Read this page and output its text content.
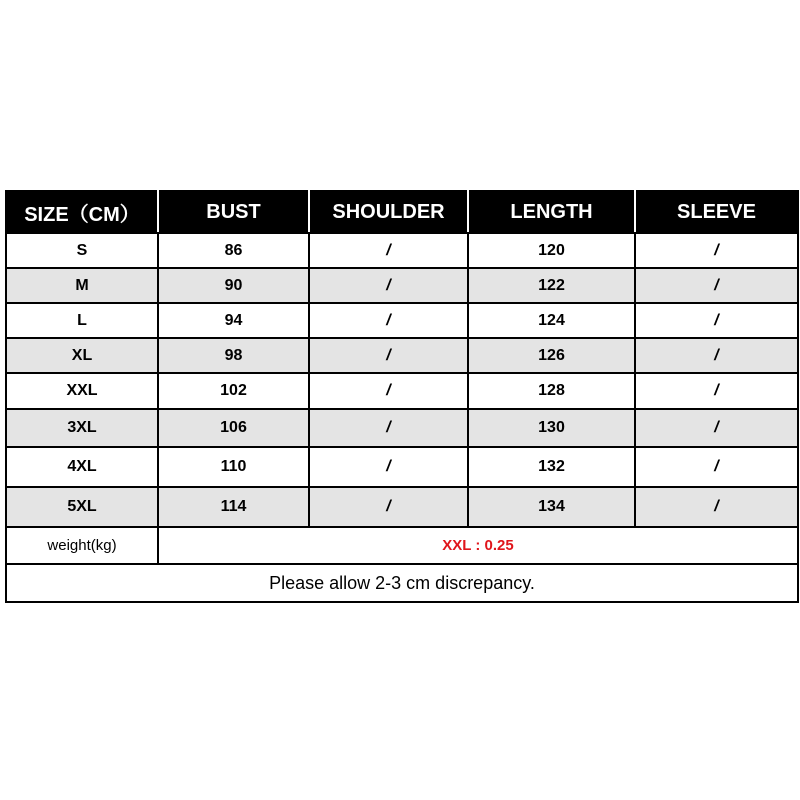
SIZE（CM）	BUST	SHOULDER	LENGTH	SLEEVE
S	86	/	120	/
M	90	/	122	/
L	94	/	124	/
XL	98	/	126	/
XXL	102	/	128	/
3XL	106	/	130	/
4XL	110	/	132	/
5XL	114	/	134	/
weight(kg)	XXL : 0.25			
Please allow 2-3 cm discrepancy.				
